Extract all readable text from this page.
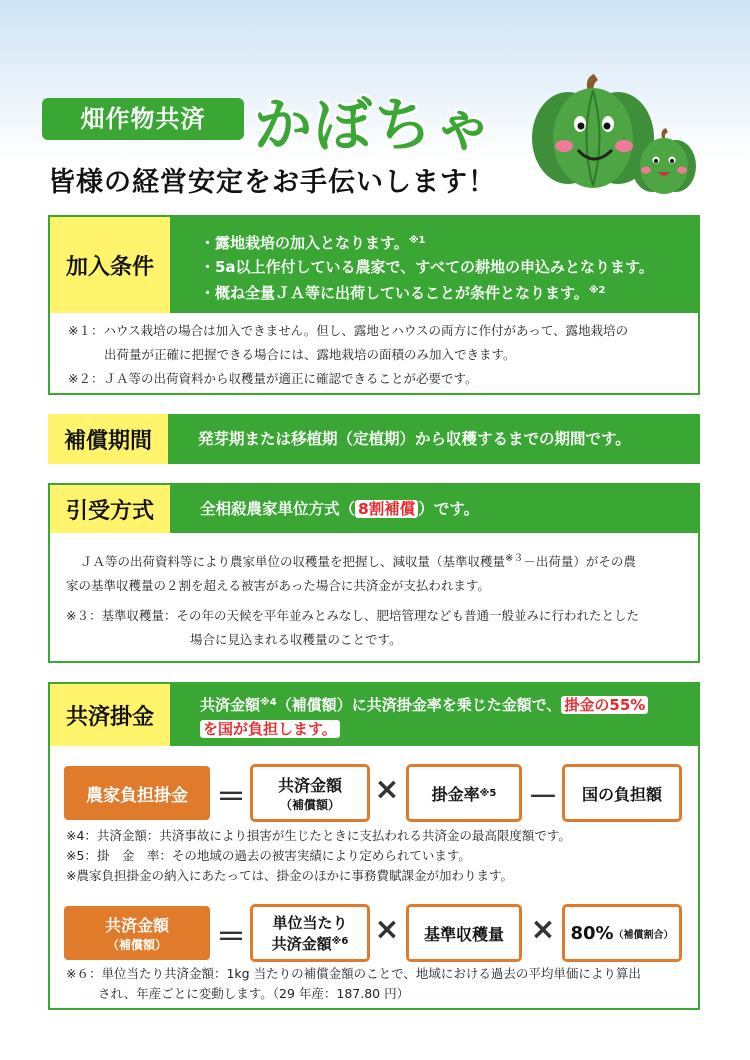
畑作物共済 かぼちゃ
皆様の経営安定をお手伝いします！
加入条件
・露地栽培の加入となります。$^{※1}$
・5a以上作付している農家で、すべての耕地の申込みとなります。
・概ね全量ＪＡ等に出荷していることが条件となります。$^{※2}$
※１：ハウス栽培の場合は加入できません。但し、露地とハウスの両方に作付があって、露地栽培の
出荷量が正確に把握できる場合には、露地栽培の面積のみ加入できます。
※２：ＪＡ等の出荷資料から収穫量が適正に確認できることが必要です。
補償期間	発芽期または移植期（定植期）から収穫するまでの期間です。
引受方式	全相殺農家単位方式（ 8割補償 ）です。
ＪＡ等の出荷資料等により農家単位の収穫量を把握し、減収量（基準収穫量$^{※3}$－出荷量）がその農
家の基準収穫量の２割を超える被害があった場合に共済金が支払われます。
※３：基準収穫量：その年の天候を平年並みとみなし、肥培管理なども普通一般並みに行われたとした
場合に見込まれる収穫量のことです。
共済掛金	共済金額$^{※4}$（補償額）に共済掛金率を乗じた金額で、 掛金の55%
を国が負担します。
農家負担掛金 ＝ 共済金額
（補償額） × 掛金率 ※5 － 国の負担額
※4：共済金額：共済事故により損害が生じたときに支払われる共済金の最高限度額です。
※5：掛　金　率：その地域の過去の被害実績により定められています。
※農家負担掛金の納入にあたっては、掛金のほかに事務費賦課金が加わります。
共済金額
（補償額） ＝ 単位当たり
共済金額$^{※6}$ × 基準収穫量 × 80% （補償割合）
※６：単位当たり共済金額：1kg 当たりの補償金額のことで、地域における過去の平均単価により算出
され、年産ごとに変動します。（29 年産：187.80 円）
